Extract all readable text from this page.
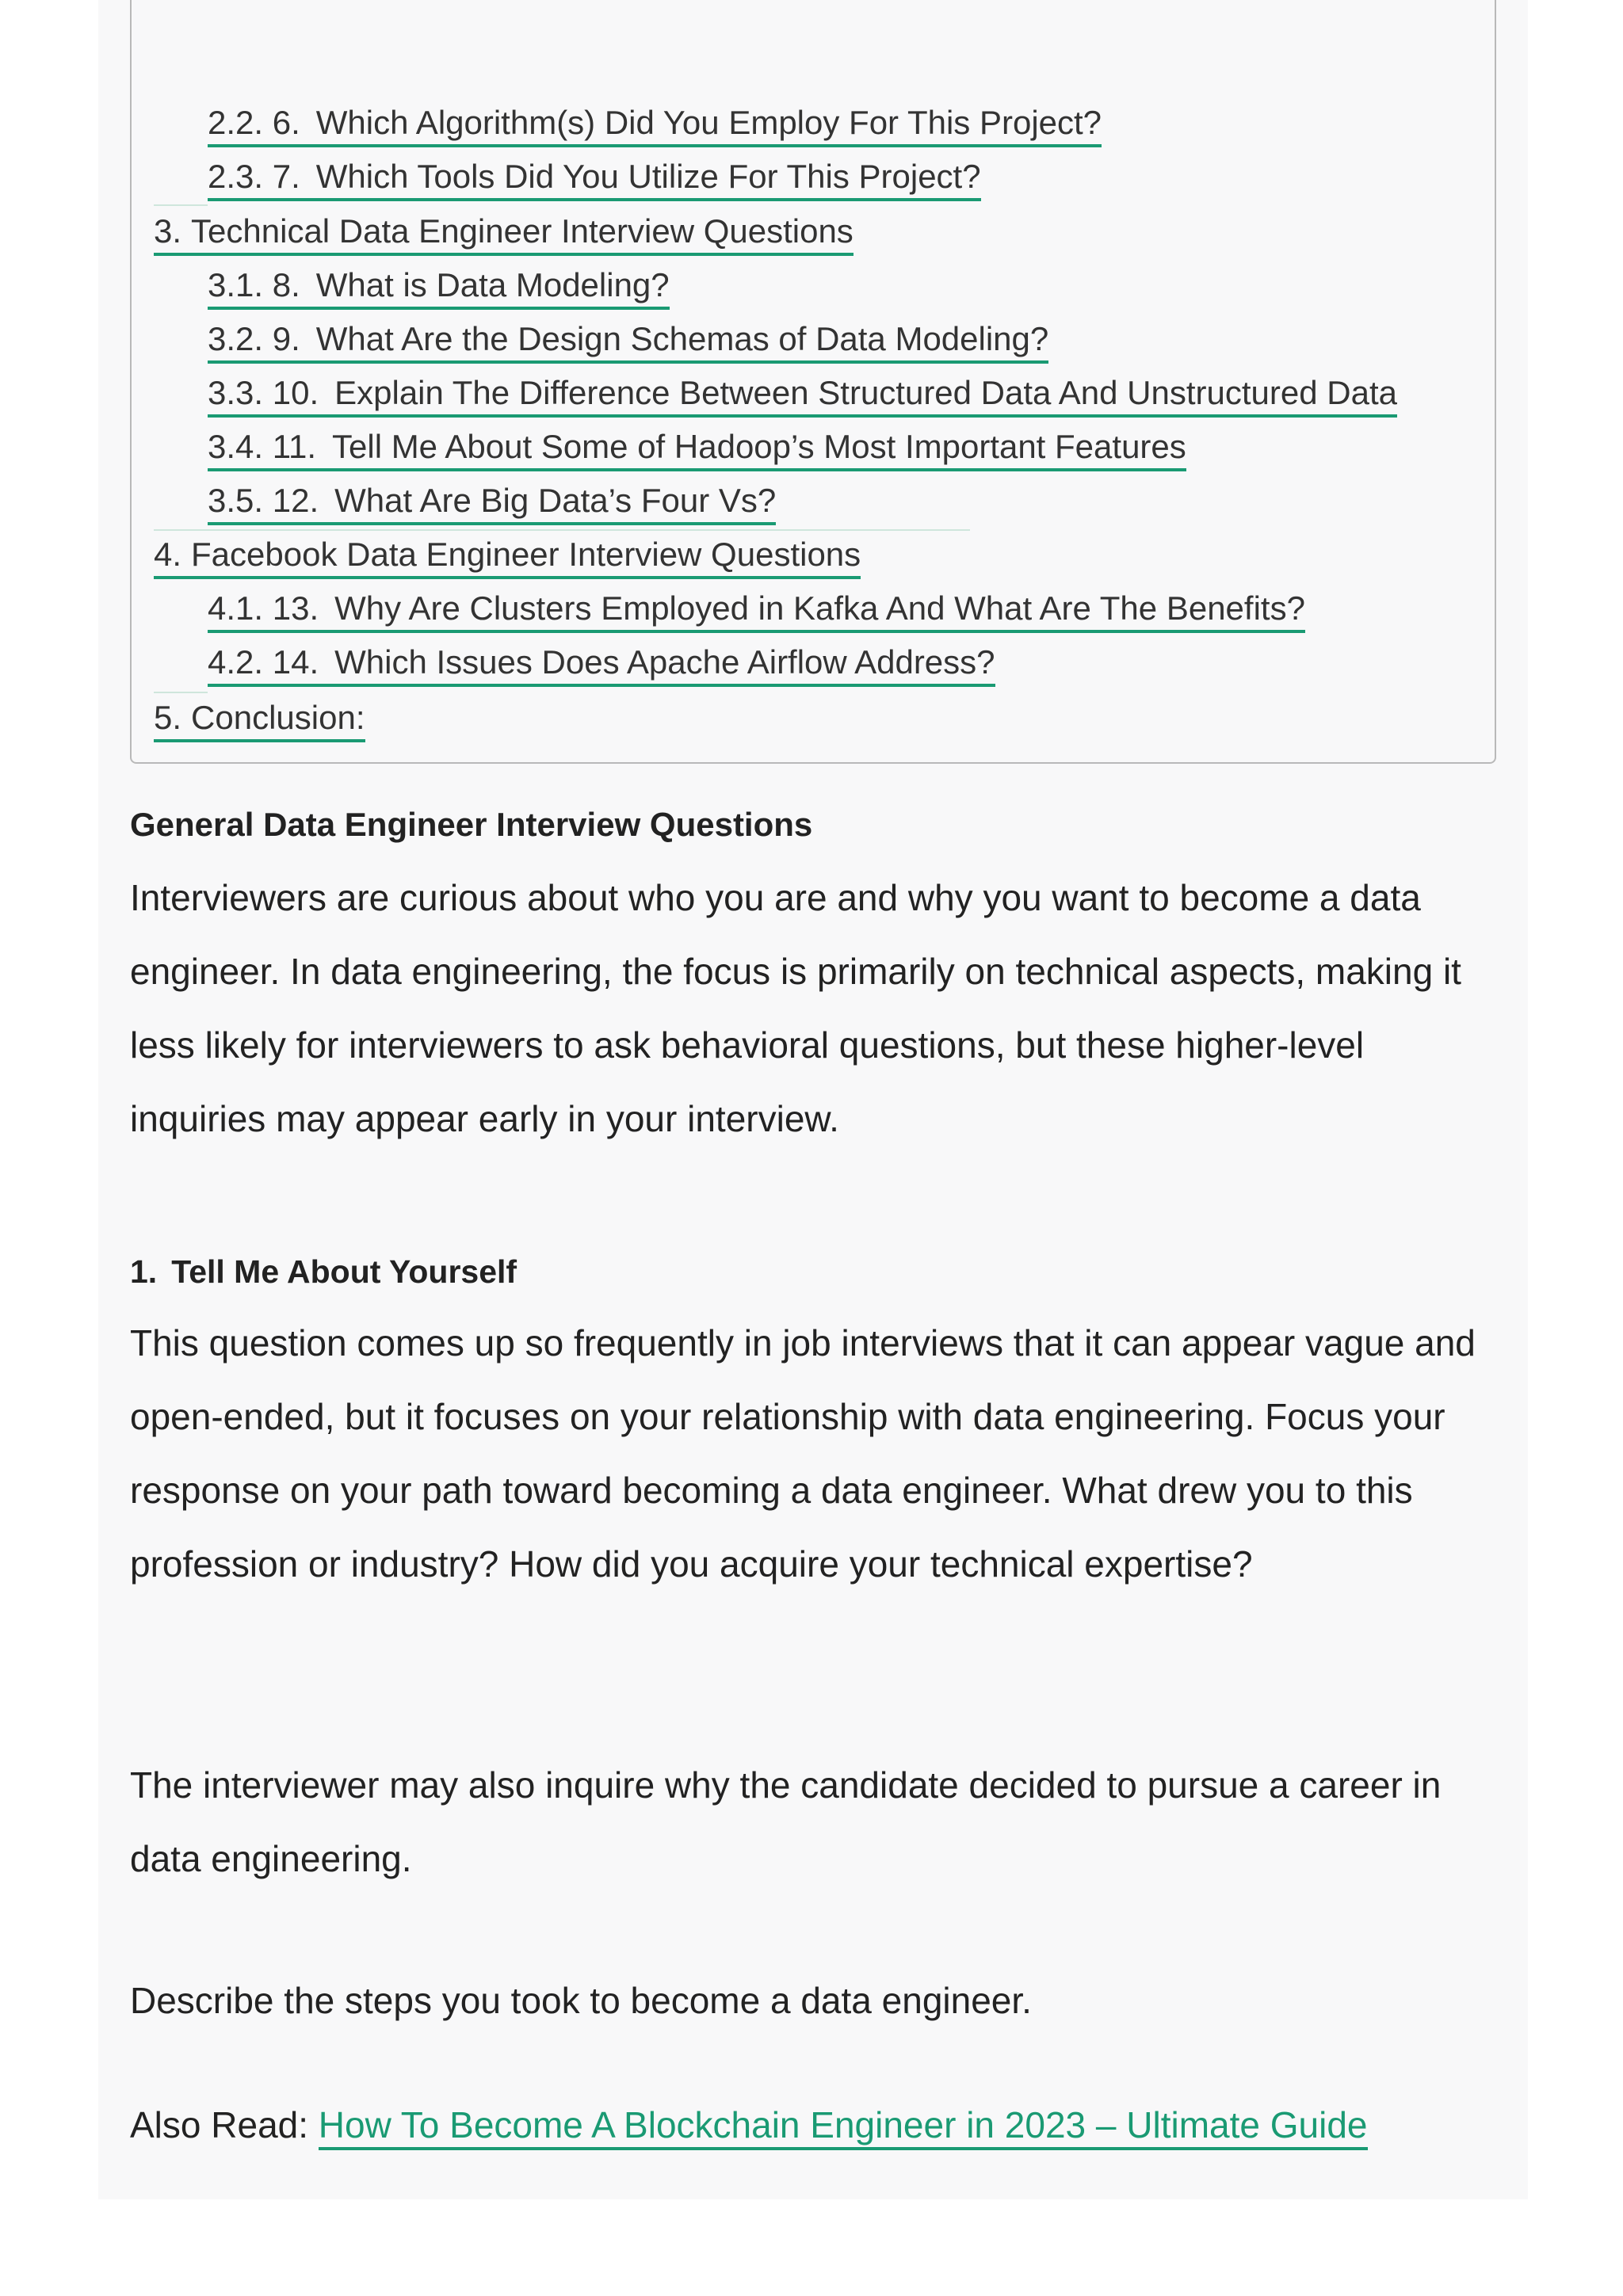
2.2. 6. Which Algorithm(s) Did You Employ For This Project?
2.3. 7. Which Tools Did You Utilize For This Project?
3. Technical Data Engineer Interview Questions
3.1. 8. What is Data Modeling?
3.2. 9. What Are the Design Schemas of Data Modeling?
3.3. 10. Explain The Difference Between Structured Data And Unstructured Data
3.4. 11. Tell Me About Some of Hadoop’s Most Important Features
3.5. 12. What Are Big Data’s Four Vs?
4. Facebook Data Engineer Interview Questions
4.1. 13. Why Are Clusters Employed in Kafka And What Are The Benefits?
4.2. 14. Which Issues Does Apache Airflow Address?
5. Conclusion:
General Data Engineer Interview Questions

Interviewers are curious about who you are and why you want to become a data engineer. In data engineering, the focus is primarily on technical aspects, making it less likely for interviewers to ask behavioral questions, but these higher-level inquiries may appear early in your interview.

1. Tell Me About Yourself

This question comes up so frequently in job interviews that it can appear vague and open-ended, but it focuses on your relationship with data engineering. Focus your response on your path toward becoming a data engineer. What drew you to this profession or industry? How did you acquire your technical expertise?

The interviewer may also inquire why the candidate decided to pursue a career in data engineering.

Describe the steps you took to become a data engineer.

Also Read: How To Become A Blockchain Engineer in 2023 – Ultimate Guide
